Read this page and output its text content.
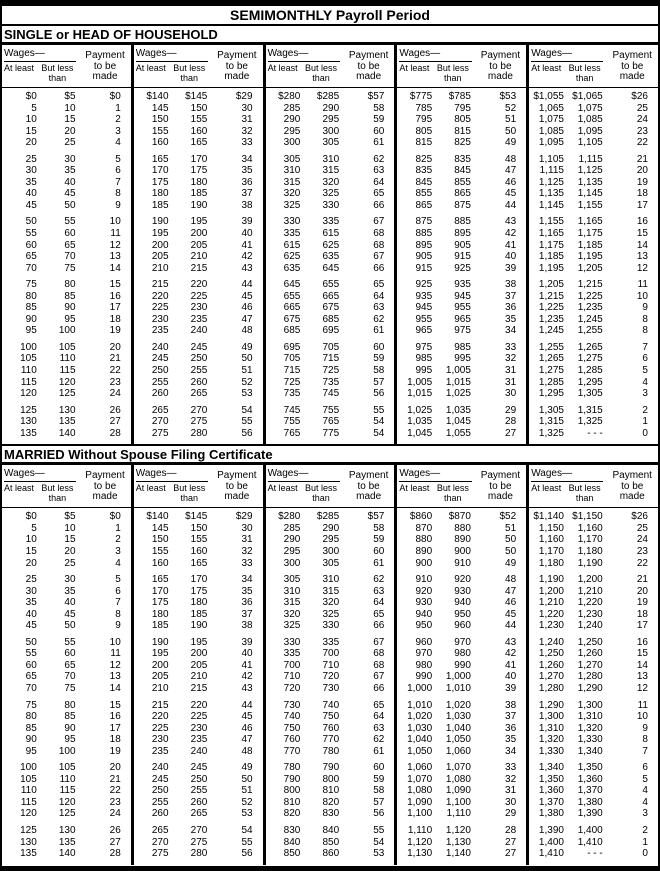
SEMIMONTHLY Payroll Period
SINGLE or HEAD OF HOUSEHOLD
Wages—
At least But less than
Payment
to be
made
$0	$5	$0
5	10	1
10	15	2
15	20	3
20	25	4
25	30	5
30	35	6
35	40	7
40	45	8
45	50	9
50	55	10
55	60	11
60	65	12
65	70	13
70	75	14
75	80	15
80	85	16
85	90	17
90	95	18
95	100	19
100	105	20
105	110	21
110	115	22
115	120	23
120	125	24
125	130	26
130	135	27
135	140	28
Wages—
At least But less than
Payment
to be
made
$140	$145	$29
145	150	30
150	155	31
155	160	32
160	165	33
165	170	34
170	175	35
175	180	36
180	185	37
185	190	38
190	195	39
195	200	40
200	205	41
205	210	42
210	215	43
215	220	44
220	225	45
225	230	46
230	235	47
235	240	48
240	245	49
245	250	50
250	255	51
255	260	52
260	265	53
265	270	54
270	275	55
275	280	56
Wages—
At least But less than
Payment
to be
made
$280	$285	$57
285	290	58
290	295	59
295	300	60
300	305	61
305	310	62
310	315	63
315	320	64
320	325	65
325	330	66
330	335	67
335	615	68
615	625	68
625	635	67
635	645	66
645	655	65
655	665	64
665	675	63
675	685	62
685	695	61
695	705	60
705	715	59
715	725	58
725	735	57
735	745	56
745	755	55
755	765	54
765	775	54
Wages—
At least But less than
Payment
to be
made
$775	$785	$53
785	795	52
795	805	51
805	815	50
815	825	49
825	835	48
835	845	47
845	855	46
855	865	45
865	875	44
875	885	43
885	895	42
895	905	41
905	915	40
915	925	39
925	935	38
935	945	37
945	955	36
955	965	35
965	975	34
975	985	33
985	995	32
995	1,005	31
1,005	1,015	31
1,015	1,025	30
1,025	1,035	29
1,035	1,045	28
1,045	1,055	27
Wages—
At least But less than
Payment
to be
made
$1,055 $1,065	$26
1,065	1,075	25
1,075	1,085	24
1,085	1,095	23
1,095	1,105	22
1,105	1,115	21
1,115	1,125	20
1,125	1,135	19
1,135	1,145	18
1,145	1,155	17
1,155	1,165	16
1,165	1,175	15
1,175	1,185	14
1,185	1,195	13
1,195	1,205	12
1,205	1,215	11
1,215	1,225	10
1,225	1,235	9
1,235	1,245	8
1,245	1,255	8
1,255	1,265	7
1,265	1,275	6
1,275	1,285	5
1,285	1,295	4
1,295	1,305	3
1,305	1,315	2
1,315	1,325	1
1,325	- - -	0
MARRIED Without Spouse Filing Certificate
Wages—
At least But less than
Payment
to be
made
$0	$5	$0
5	10	1
10	15	2
15	20	3
20	25	4
25	30	5
30	35	6
35	40	7
40	45	8
45	50	9
50	55	10
55	60	11
60	65	12
65	70	13
70	75	14
75	80	15
80	85	16
85	90	17
90	95	18
95	100	19
100	105	20
105	110	21
110	115	22
115	120	23
120	125	24
125	130	26
130	135	27
135	140	28
Wages—
At least But less than
Payment
to be
made
$140	$145	$29
145	150	30
150	155	31
155	160	32
160	165	33
165	170	34
170	175	35
175	180	36
180	185	37
185	190	38
190	195	39
195	200	40
200	205	41
205	210	42
210	215	43
215	220	44
220	225	45
225	230	46
230	235	47
235	240	48
240	245	49
245	250	50
250	255	51
255	260	52
260	265	53
265	270	54
270	275	55
275	280	56
Wages—
At least But less than
Payment
to be
made
$280	$285	$57
285	290	58
290	295	59
295	300	60
300	305	61
305	310	62
310	315	63
315	320	64
320	325	65
325	330	66
330	335	67
335	700	68
700	710	68
710	720	67
720	730	66
730	740	65
740	750	64
750	760	63
760	770	62
770	780	61
780	790	60
790	800	59
800	810	58
810	820	57
820	830	56
830	840	55
840	850	54
850	860	53
Wages—
At least But less than
Payment
to be
made
$860	$870	$52
870	880	51
880	890	50
890	900	50
900	910	49
910	920	48
920	930	47
930	940	46
940	950	45
950	960	44
960	970	43
970	980	42
980	990	41
990	1,000	40
1,000	1,010	39
1,010	1,020	38
1,020	1,030	37
1,030	1,040	36
1,040	1,050	35
1,050	1,060	34
1,060	1,070	33
1,070	1,080	32
1,080	1,090	31
1,090	1,100	30
1,100	1,110	29
1,110	1,120	28
1,120	1,130	27
1,130	1,140	27
Wages—
At least But less than
Payment
to be
made
$1,140 $1,150	$26
1,150	1,160	25
1,160	1,170	24
1,170	1,180	23
1,180	1,190	22
1,190	1,200	21
1,200	1,210	20
1,210	1,220	19
1,220	1,230	18
1,230	1,240	17
1,240	1,250	16
1,250	1,260	15
1,260	1,270	14
1,270	1,280	13
1,280	1,290	12
1,290	1,300	11
1,300	1,310	10
1,310	1,320	9
1,320	1,330	8
1,330	1,340	7
1,340	1,350	6
1,350	1,360	5
1,360	1,370	4
1,370	1,380	4
1,380	1,390	3
1,390	1,400	2
1,400	1,410	1
1,410	- - -	0
